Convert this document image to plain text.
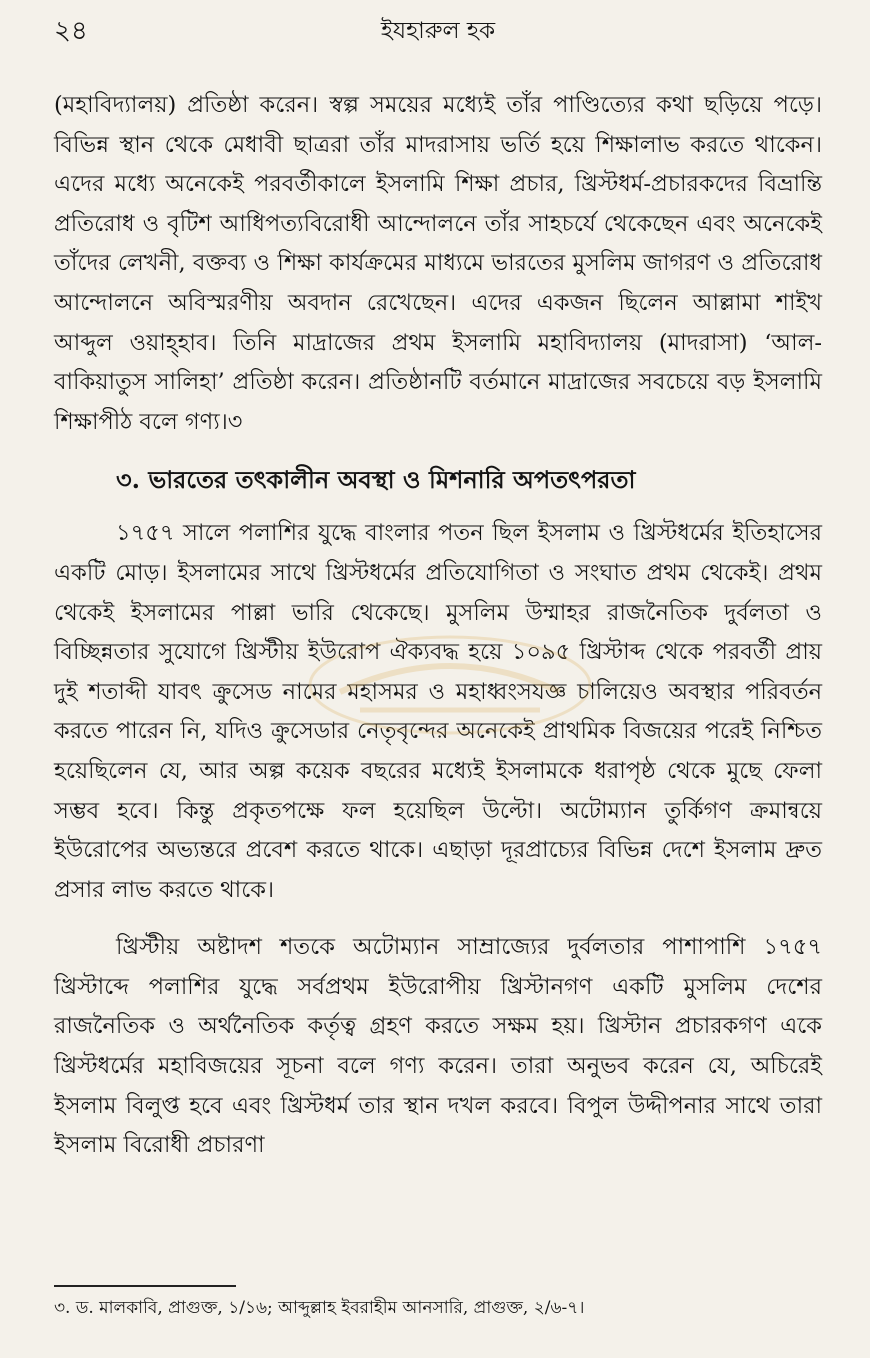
২৪	ইযহারুল হক

(মহাবিদ্যালয়) প্রতিষ্ঠা করেন। স্বল্প সময়ের মধ্যেই তাঁর পাণ্ডিত্যের কথা ছড়িয়ে পড়ে। বিভিন্ন স্থান থেকে মেধাবী ছাত্ররা তাঁর মাদরাসায় ভর্তি হয়ে শিক্ষালাভ করতে থাকেন। এদের মধ্যে অনেকেই পরবর্তীকালে ইসলামি শিক্ষা প্রচার, খ্রিস্টধর্ম-প্রচারকদের বিভ্রান্তি প্রতিরোধ ও বৃটিশ আধিপত্যবিরোধী আন্দোলনে তাঁর সাহচর্যে থেকেছেন এবং অনেকেই তাঁদের লেখনী, বক্তব্য ও শিক্ষা কার্যক্রমের মাধ্যমে ভারতের মুসলিম জাগরণ ও প্রতিরোধ আন্দোলনে অবিস্মরণীয় অবদান রেখেছেন। এদের একজন ছিলেন আল্লামা শাইখ আব্দুল ওয়াহ্হাব। তিনি মাদ্রাজের প্রথম ইসলামি মহাবিদ্যালয় (মাদরাসা) ‘আল-বাকিয়াতুস সালিহা’ প্রতিষ্ঠা করেন। প্রতিষ্ঠানটি বর্তমানে মাদ্রাজের সবচেয়ে বড় ইসলামি শিক্ষাপীঠ বলে গণ্য।৩

৩. ভারতের তৎকালীন অবস্থা ও মিশনারি অপতৎপরতা

১৭৫৭ সালে পলাশির যুদ্ধে বাংলার পতন ছিল ইসলাম ও খ্রিস্টধর্মের ইতিহাসের একটি মোড়। ইসলামের সাথে খ্রিস্টধর্মের প্রতিযোগিতা ও সংঘাত প্রথম থেকেই। প্রথম থেকেই ইসলামের পাল্লা ভারি থেকেছে। মুসলিম উম্মাহর রাজনৈতিক দুর্বলতা ও বিচ্ছিন্নতার সুযোগে খ্রিস্টীয় ইউরোপ ঐক্যবদ্ধ হয়ে ১০৯৫ খ্রিস্টাব্দ থেকে পরবর্তী প্রায় দুই শতাব্দী যাবৎ ক্রুসেড নামের মহাসমর ও মহাধ্বংসযজ্ঞ চালিয়েও অবস্থার পরিবর্তন করতে পারেন নি, যদিও ক্রুসেডার নেতৃবৃন্দের অনেকেই প্রাথমিক বিজয়ের পরেই নিশ্চিত হয়েছিলেন যে, আর অল্প কয়েক বছরের মধ্যেই ইসলামকে ধরাপৃষ্ঠ থেকে মুছে ফেলা সম্ভব হবে। কিন্তু প্রকৃতপক্ষে ফল হয়েছিল উল্টো। অটোম্যান তুর্কিগণ ক্রমান্বয়ে ইউরোপের অভ্যন্তরে প্রবেশ করতে থাকে। এছাড়া দূরপ্রাচ্যের বিভিন্ন দেশে ইসলাম দ্রুত প্রসার লাভ করতে থাকে।

খ্রিস্টীয় অষ্টাদশ শতকে অটোম্যান সাম্রাজ্যের দুর্বলতার পাশাপাশি ১৭৫৭ খ্রিস্টাব্দে পলাশির যুদ্ধে সর্বপ্রথম ইউরোপীয় খ্রিস্টানগণ একটি মুসলিম দেশের রাজনৈতিক ও অর্থনৈতিক কর্তৃত্ব গ্রহণ করতে সক্ষম হয়। খ্রিস্টান প্রচারকগণ একে খ্রিস্টধর্মের মহাবিজয়ের সূচনা বলে গণ্য করেন। তারা অনুভব করেন যে, অচিরেই ইসলাম বিলুপ্ত হবে এবং খ্রিস্টধর্ম তার স্থান দখল করবে। বিপুল উদ্দীপনার সাথে তারা ইসলাম বিরোধী প্রচারণা

৩. ড. মালকাবি, প্রাগুক্ত, ১/১৬; আব্দুল্লাহ ইবরাহীম আনসারি, প্রাগুক্ত, ২/৬-৭।
